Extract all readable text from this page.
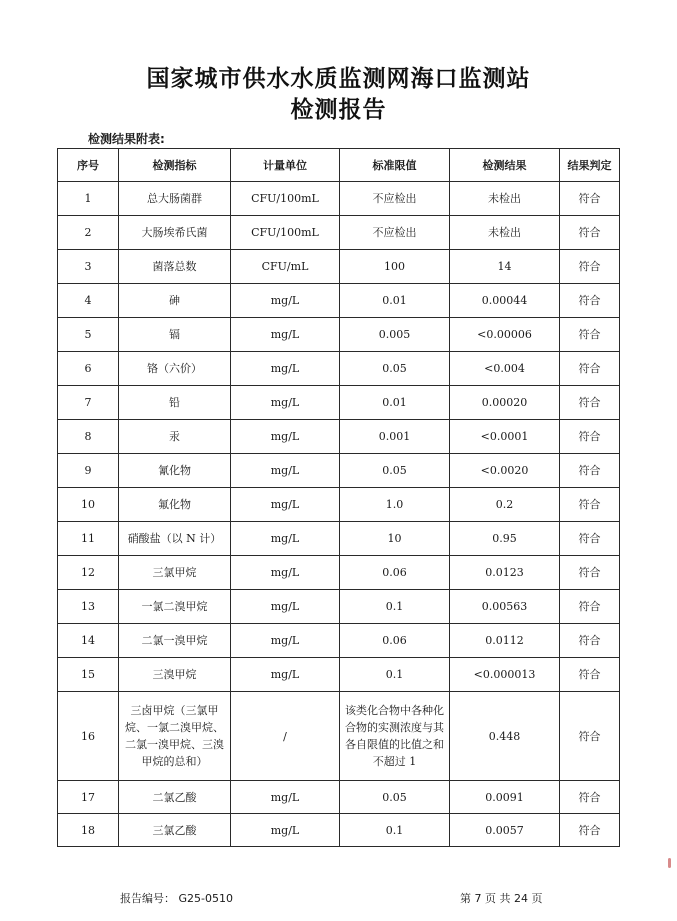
国家城市供水水质监测网海口监测站
检测报告
检测结果附表:
序号	检测指标	计量单位	标准限值	检测结果	结果判定
1	总大肠菌群	CFU/100mL	不应检出	未检出	符合
2	大肠埃希氏菌	CFU/100mL	不应检出	未检出	符合
3	菌落总数	CFU/mL	100	14	符合
4	砷	mg/L	0.01	0.00044	符合
5	镉	mg/L	0.005	<0.00006	符合
6	铬（六价）	mg/L	0.05	<0.004	符合
7	铅	mg/L	0.01	0.00020	符合
8	汞	mg/L	0.001	<0.0001	符合
9	氰化物	mg/L	0.05	<0.0020	符合
10	氟化物	mg/L	1.0	0.2	符合
11	硝酸盐（以 N 计）	mg/L	10	0.95	符合
12	三氯甲烷	mg/L	0.06	0.0123	符合
13	一氯二溴甲烷	mg/L	0.1	0.00563	符合
14	二氯一溴甲烷	mg/L	0.06	0.0112	符合
15	三溴甲烷	mg/L	0.1	<0.000013	符合
16	三卤甲烷（三氯甲烷、一氯二溴甲烷、二氯一溴甲烷、三溴甲烷的总和）	/	该类化合物中各种化合物的实测浓度与其各自限值的比值之和不超过 1	0.448	符合
17	二氯乙酸	mg/L	0.05	0.0091	符合
18	三氯乙酸	mg/L	0.1	0.0057	符合
报告编号： G25-0510	第 7 页 共 24 页
